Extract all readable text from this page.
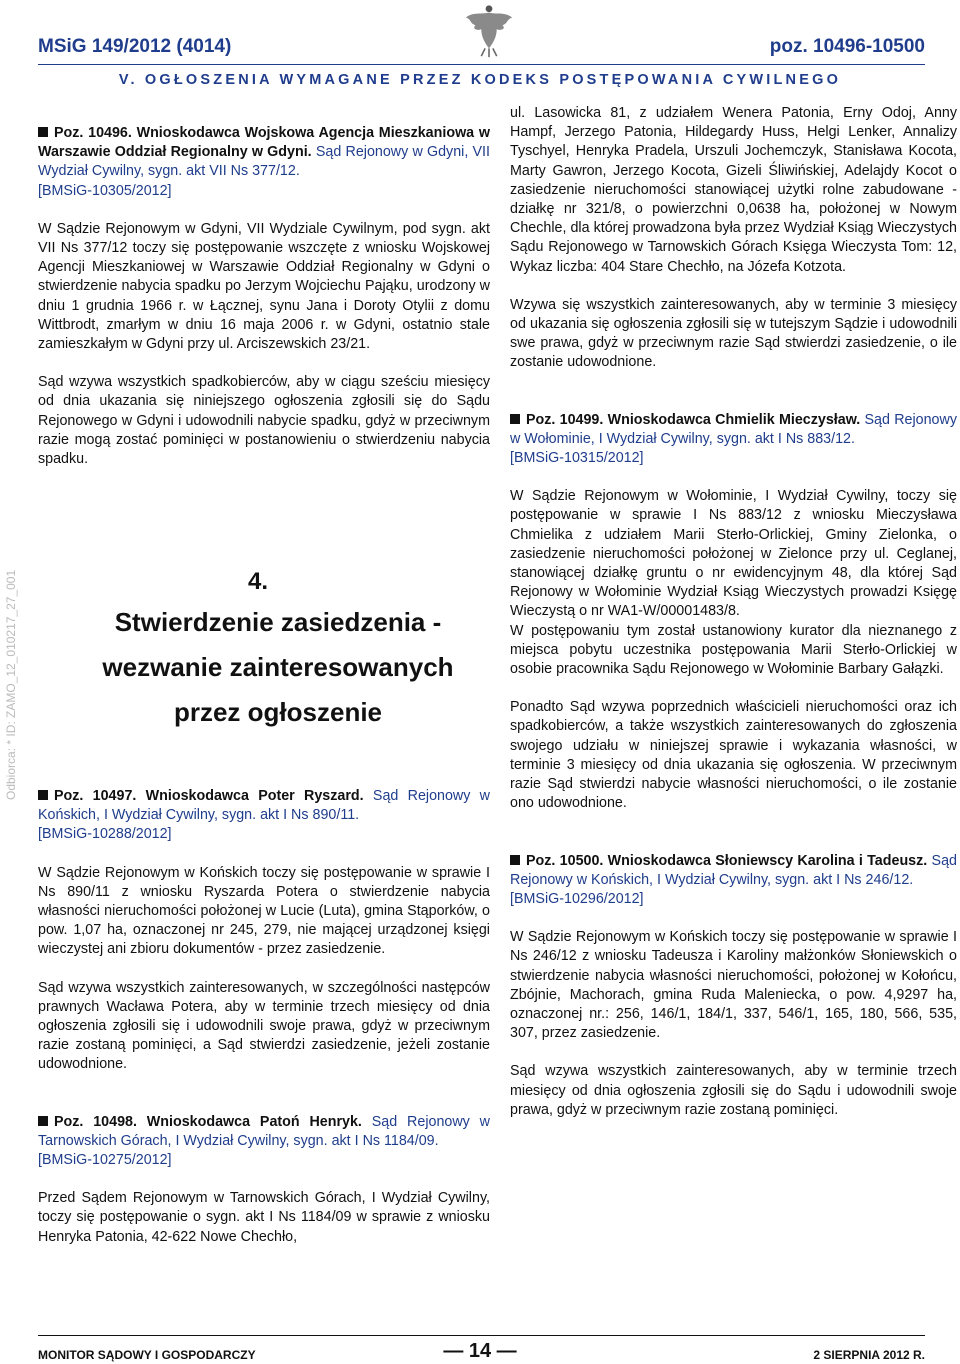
MSiG 149/2012 (4014)	poz. 10496-10500
V. OGŁOSZENIA WYMAGANE PRZEZ KODEKS POSTĘPOWANIA CYWILNEGO
Odbiorca: * ID: ZAMO_12_010217_27_001

Poz. 10496. Wnioskodawca Wojskowa Agencja Mieszkaniowa w Warszawie Oddział Regionalny w Gdyni. Sąd Rejonowy w Gdyni, VII Wydział Cywilny, sygn. akt VII Ns 377/12.

[BMSiG-10305/2012]

W Sądzie Rejonowym w Gdyni, VII Wydziale Cywilnym, pod sygn. akt VII Ns 377/12 toczy się postępowanie wszczęte z wniosku Wojskowej Agencji Mieszkaniowej w Warszawie Oddział Regionalny w Gdyni o stwierdzenie nabycia spadku po Jerzym Wojciechu Pająku, urodzony w dniu 1 grudnia 1966 r. w Łącznej, synu Jana i Doroty Otylii z domu Wittbrodt, zmarłym w dniu 16 maja 2006 r. w Gdyni, ostatnio stale zamieszkałym w Gdyni przy ul. Arciszewskich 23/21.

Sąd wzywa wszystkich spadkobierców, aby w ciągu sześciu miesięcy od dnia ukazania się niniejszego ogłoszenia zgłosili się do Sądu Rejonowego w Gdyni i udowodnili nabycie spadku, gdyż w przeciwnym razie mogą zostać pominięci w postanowieniu o stwierdzeniu nabycia spadku.

4.
Stwierdzenie zasiedzenia -
wezwanie zainteresowanych
przez ogłoszenie

Poz. 10497. Wnioskodawca Poter Ryszard. Sąd Rejonowy w Końskich, I Wydział Cywilny, sygn. akt I Ns 890/11.

[BMSiG-10288/2012]

W Sądzie Rejonowym w Końskich toczy się postępowanie w sprawie I Ns 890/11 z wniosku Ryszarda Potera o stwierdzenie nabycia własności nieruchomości położonej w Lucie (Luta), gmina Stąporków, o pow. 1,07 ha, oznaczonej nr 245, 279, nie mającej urządzonej księgi wieczystej ani zbioru dokumentów - przez zasiedzenie.

Sąd wzywa wszystkich zainteresowanych, w szczególności następców prawnych Wacława Potera, aby w terminie trzech miesięcy od dnia ogłoszenia zgłosili się i udowodnili swoje prawa, gdyż w przeciwnym razie zostaną pominięci, a Sąd stwierdzi zasiedzenie, jeżeli zostanie udowodnione.

Poz. 10498. Wnioskodawca Patoń Henryk. Sąd Rejonowy w Tarnowskich Górach, I Wydział Cywilny, sygn. akt I Ns 1184/09.

[BMSiG-10275/2012]

Przed Sądem Rejonowym w Tarnowskich Górach, I Wydział Cywilny, toczy się postępowanie o sygn. akt I Ns 1184/09 w sprawie z wniosku Henryka Patonia, 42-622 Nowe Chechło,

ul. Lasowicka 81, z udziałem Wenera Patonia, Erny Odoj, Anny Hampf, Jerzego Patonia, Hildegardy Huss, Helgi Lenker, Annalizy Tyschyel, Henryka Pradela, Urszuli Jochemczyk, Stanisława Kocota, Marty Gawron, Jerzego Kocota, Gizeli Śliwińskiej, Adelajdy Kocot o zasiedzenie nieruchomości stanowiącej użytki rolne zabudowane - działkę nr 321/8, o powierzchni 0,0638 ha, położonej w Nowym Chechle, dla której prowadzona była przez Wydział Ksiąg Wieczystych Sądu Rejonowego w Tarnowskich Górach Księga Wieczysta Tom: 12, Wykaz liczba: 404 Stare Chechło, na Józefa Kotzota.

Wzywa się wszystkich zainteresowanych, aby w terminie 3 miesięcy od ukazania się ogłoszenia zgłosili się w tutejszym Sądzie i udowodnili swe prawa, gdyż w przeciwnym razie Sąd stwierdzi zasiedzenie, o ile zostanie udowodnione.

Poz. 10499. Wnioskodawca Chmielik Mieczysław. Sąd Rejonowy w Wołominie, I Wydział Cywilny, sygn. akt I Ns 883/12.

[BMSiG-10315/2012]

W Sądzie Rejonowym w Wołominie, I Wydział Cywilny, toczy się postępowanie w sprawie I Ns 883/12 z wniosku Mieczysława Chmielika z udziałem Marii Sterło-Orlickiej, Gminy Zielonka, o zasiedzenie nieruchomości położonej w Zielonce przy ul. Ceglanej, stanowiącej działkę gruntu o nr ewidencyjnym 48, dla której Sąd Rejonowy w Wołominie Wydział Ksiąg Wieczystych prowadzi Księgę Wieczystą o nr WA1-W/00001483/8.

W postępowaniu tym został ustanowiony kurator dla nieznanego z miejsca pobytu uczestnika postępowania Marii Sterło-Orlickiej w osobie pracownika Sądu Rejonowego w Wołominie Barbary Gałązki.

Ponadto Sąd wzywa poprzednich właścicieli nieruchomości oraz ich spadkobierców, a także wszystkich zainteresowanych do zgłoszenia swojego udziału w niniejszej sprawie i wykazania własności, w terminie 3 miesięcy od dnia ukazania się ogłoszenia. W przeciwnym razie Sąd stwierdzi nabycie własności nieruchomości, o ile zostanie ono udowodnione.

Poz. 10500. Wnioskodawca Słoniewscy Karolina i Tadeusz. Sąd Rejonowy w Końskich, I Wydział Cywilny, sygn. akt I Ns 246/12.

[BMSiG-10296/2012]

W Sądzie Rejonowym w Końskich toczy się postępowanie w sprawie I Ns 246/12 z wniosku Tadeusza i Karoliny małżonków Słoniewskich o stwierdzenie nabycia własności nieruchomości, położonej w Kołońcu, Zbójnie, Machorach, gmina Ruda Maleniecka, o pow. 4,9297 ha, oznaczonej nr.: 256, 146/1, 184/1, 337, 546/1, 165, 180, 566, 535, 307, przez zasiedzenie.

Sąd wzywa wszystkich zainteresowanych, aby w terminie trzech miesięcy od dnia ogłoszenia zgłosili się do Sądu i udowodnili swoje prawa, gdyż w przeciwnym razie zostaną pominięci.

MONITOR SĄDOWY I GOSPODARCZY	— 14 —	2 SIERPNIA 2012 R.
